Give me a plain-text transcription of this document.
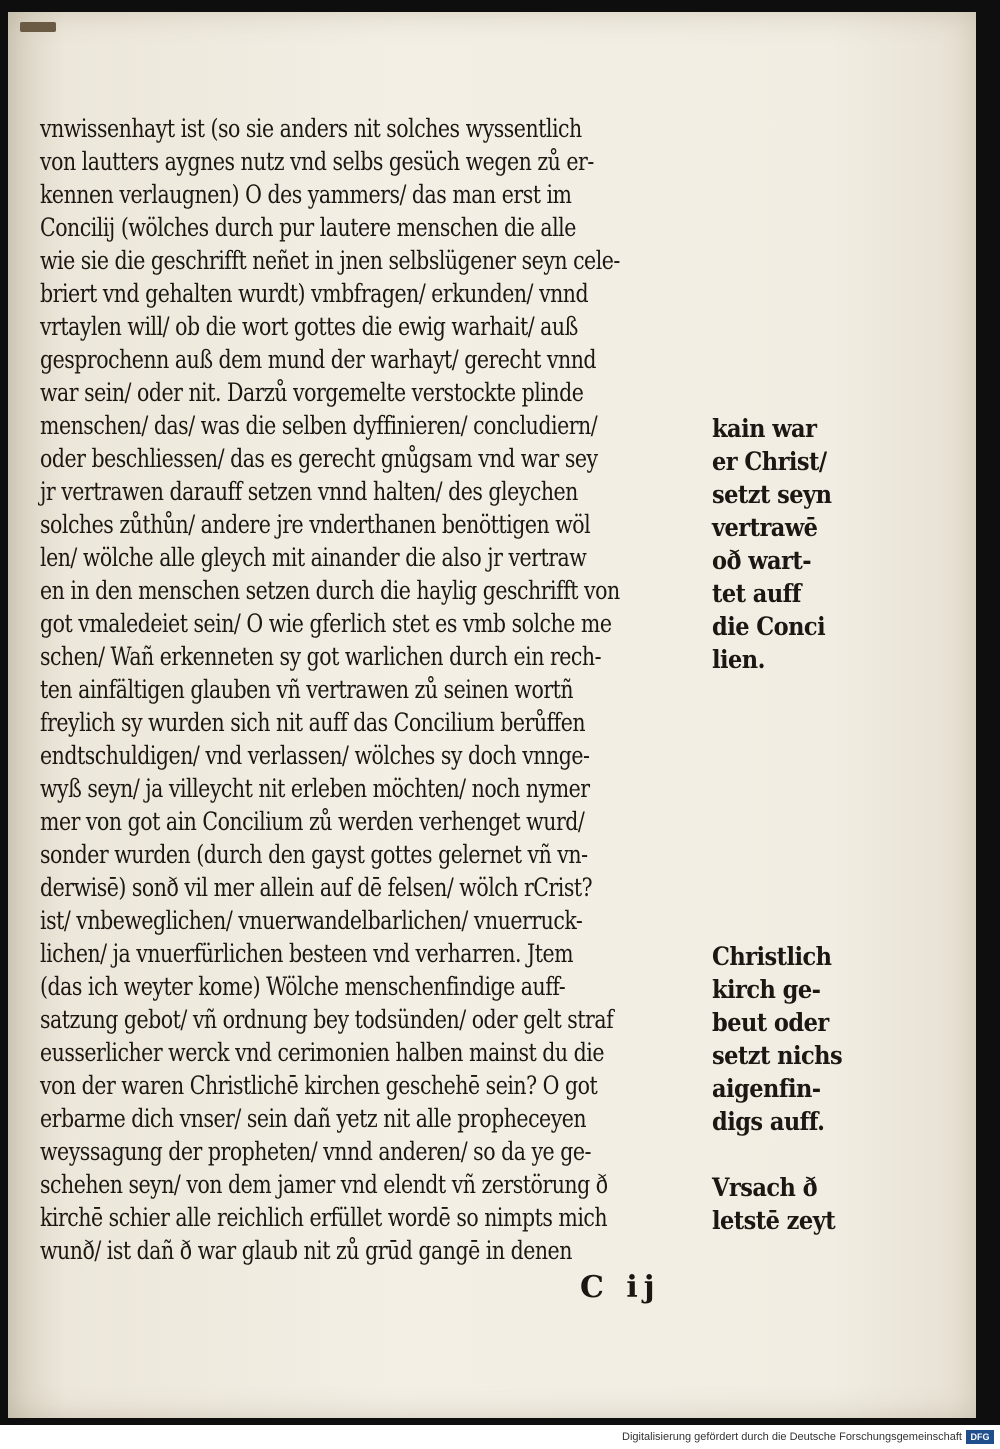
vnwissenhayt ist (so sie anders nit solches wyssentlich
von lautters aygnes nutz vnd selbs gesüch wegen zů er-
kennen verlaugnen) O des yammers/ das man erst im
Concilij (wölches durch pur lautere menschen die alle
wie sie die geschrifft neñet in jnen selbslügener seyn cele-
briert vnd gehalten wurdt) vmbfragen/ erkunden/ vnnd
vrtaylen will/ ob die wort gottes die ewig warhait/ auß
gesprochenn auß dem mund der warhayt/ gerecht vnnd
war sein/ oder nit. Darzů vorgemelte verstockte plinde
menschen/ das/ was die selben dyffinieren/ concludiern/
oder beschliessen/ das es gerecht gnůgsam vnd war sey
jr vertrawen darauff setzen vnnd halten/ des gleychen
solches zůthůn/ andere jre vnderthanen benöttigen wöl
len/ wölche alle gleych mit ainander die also jr vertraw
en in den menschen setzen durch die haylig geschrifft von
got vmaledeiet sein/ O wie gferlich stet es vmb solche me
schen/ Wañ erkenneten sy got warlichen durch ein rech-
ten ainfältigen glauben vñ vertrawen zů seinen wortñ
freylich sy wurden sich nit auff das Concilium berůffen
endtschuldigen/ vnd verlassen/ wölches sy doch vnnge-
wyß seyn/ ja villeycht nit erleben möchten/ noch nymer
mer von got ain Concilium zů werden verhenget wurd/
sonder wurden (durch den gayst gottes gelernet vñ vn-
derwisē) sonð vil mer allein auf dē felsen/ wölch rCrist?
ist/ vnbeweglichen/ vnuerwandelbarlichen/ vnuerruck-
lichen/ ja vnuerfürlichen bestеen vnd verharren. Jtem
(das ich weyter kome) Wölche menschenfindige auff-
satzung gebot/ vñ ordnung bey todsünden/ oder gelt straf
eusserlicher werck vnd cerimonien halben mainst du die
von der waren Christlichē kirchen geschehē sein? O got
erbarme dich vnser/ sein dañ yetz nit alle propheceyen
weyssagung der propheten/ vnnd anderen/ so da ye ge-
schehen seyn/ von dem jamer vnd elendt vñ zerstörung ð
kirchē schier alle reichlich erfüllet wordē so nimpts mich
wunð/ ist dañ ð war glaub nit zů grūd gangē in denen
kain war
er Christ/
setzt seyn
vertrawē
oð wart-
tet auff
die Conci
lien.
Christlich
kirch ge-
beut oder
setzt nichs
aigenfin-
digs auff.
Vrsach ð
letstē zeyt
C ij
Digitalisierung gefördert durch die Deutsche Forschungsgemeinschaft DFG
